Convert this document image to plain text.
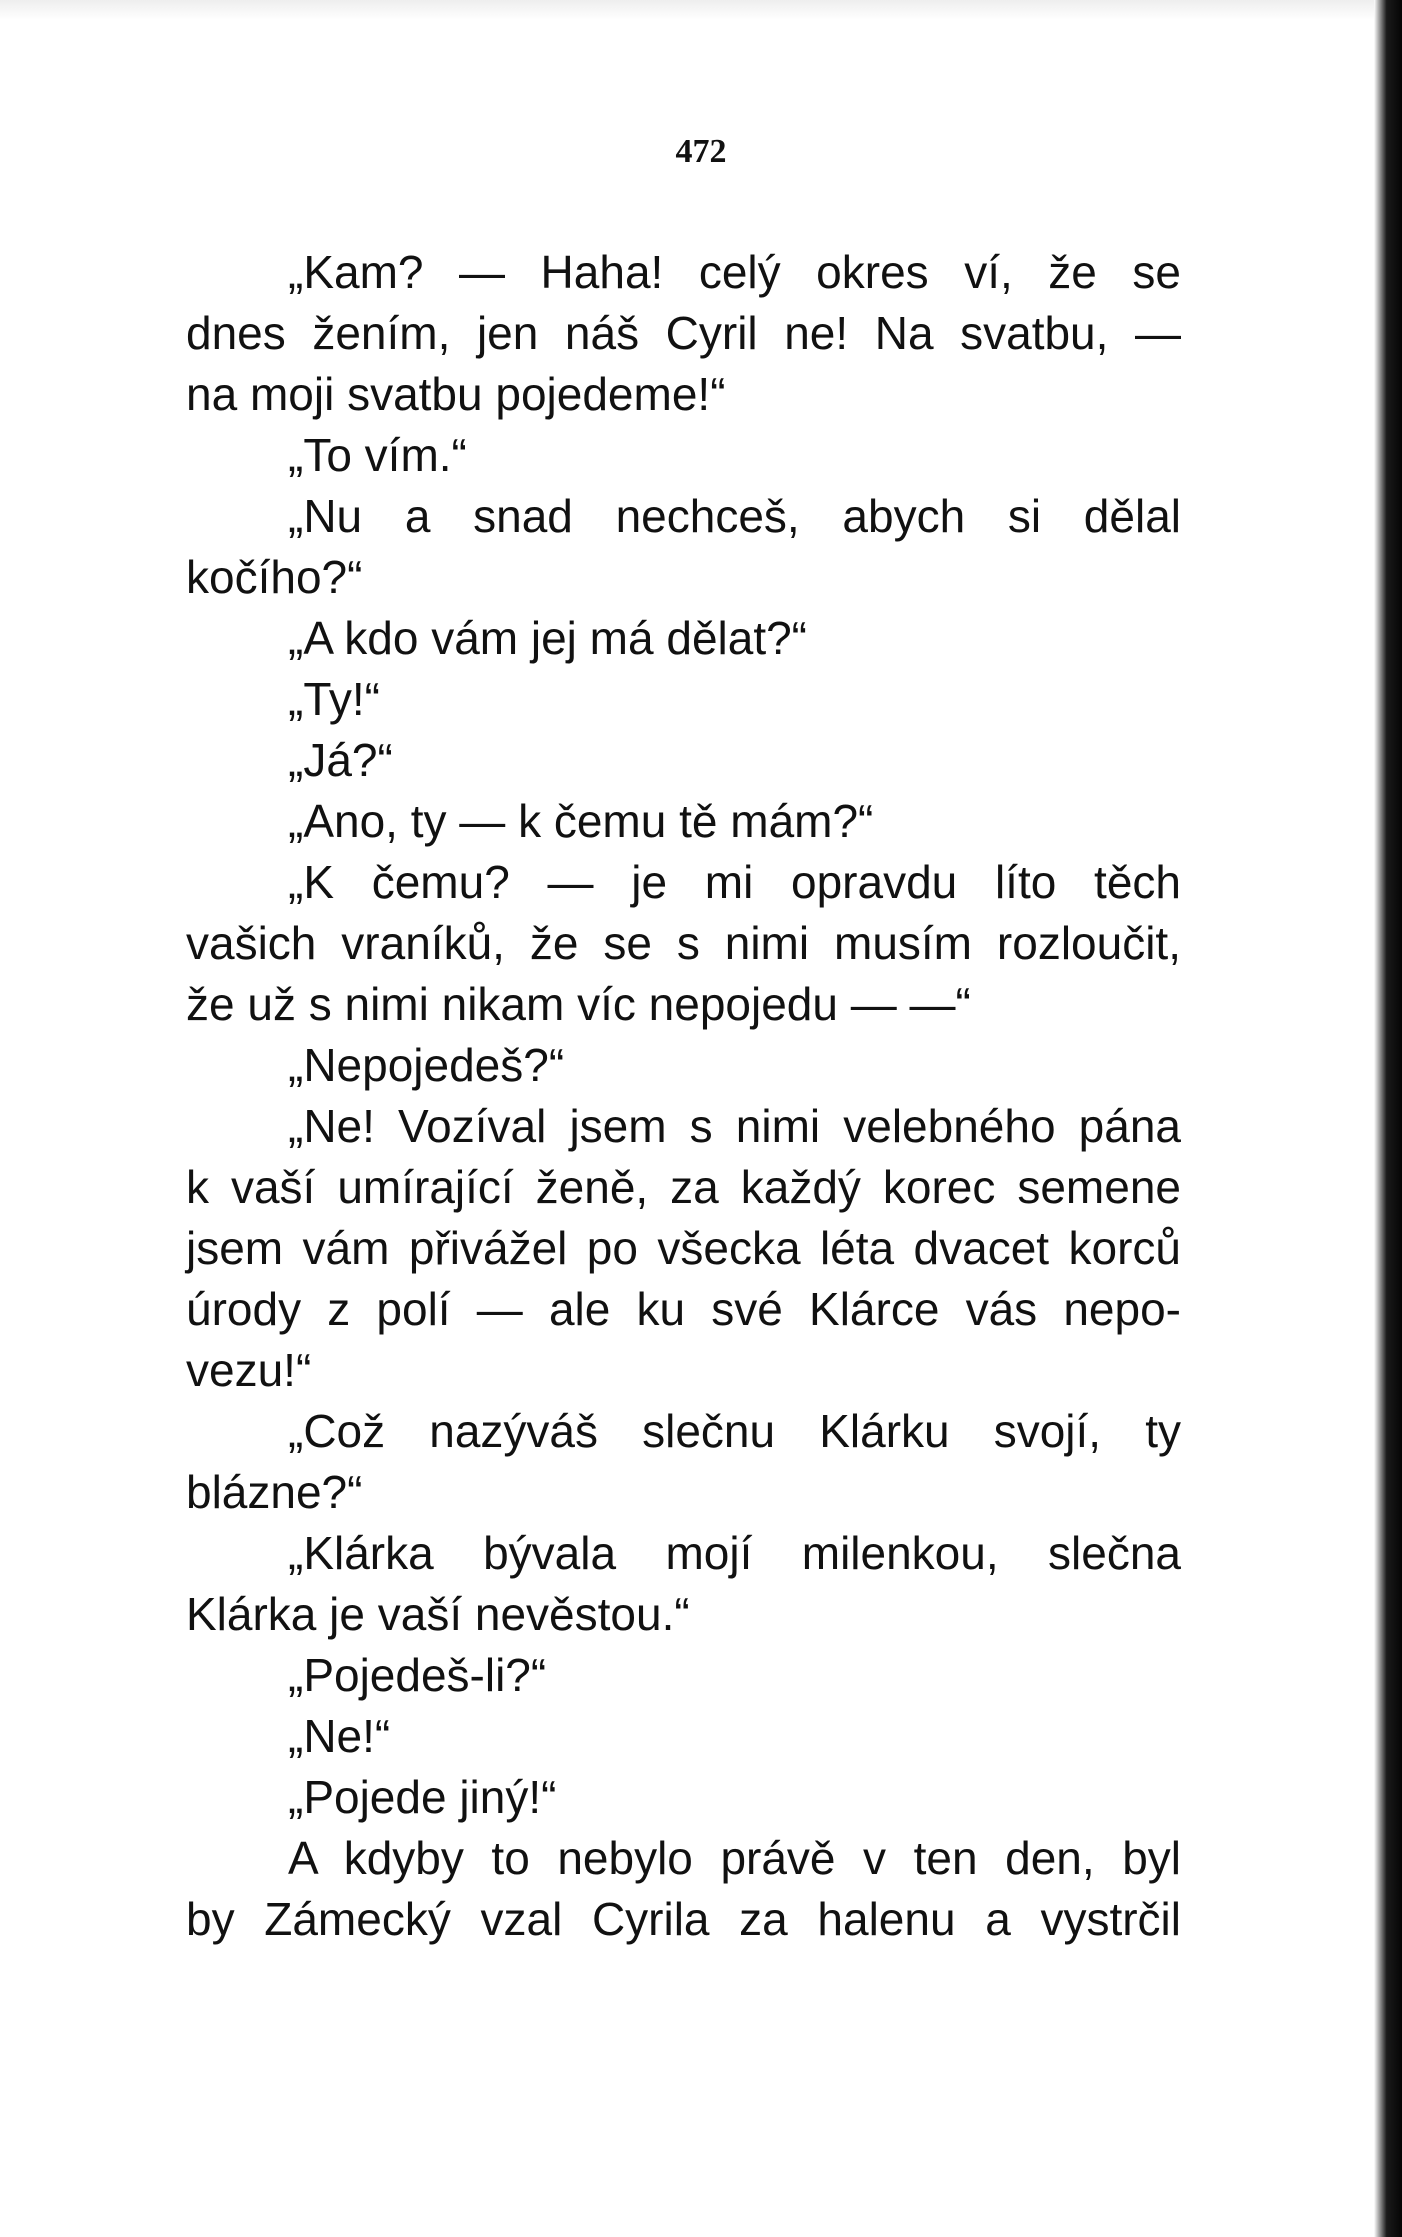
472
„Kam? — Haha! celý okres ví, že se
dnes žením, jen náš Cyril ne! Na svatbu, —
na moji svatbu pojedeme!“
„To vím.“
„Nu a snad nechceš, abych si dělal
kočího?“
„A kdo vám jej má dělat?“
„Ty!“
„Já?“
„Ano, ty — k čemu tě mám?“
„K čemu? — je mi opravdu líto těch
vašich vraníků, že se s nimi musím rozloučit,
že už s nimi nikam víc nepojedu — —“
„Nepojedeš?“
„Ne! Vozíval jsem s nimi velebného pána
k vaší umírající ženě, za každý korec semene
jsem vám přivážel po všecka léta dvacet korců
úrody z polí — ale ku své Klárce vás nepo-
vezu!“
„Což nazýváš slečnu Klárku svojí, ty
blázne?“
„Klárka bývala mojí milenkou, slečna
Klárka je vaší nevěstou.“
„Pojedeš-li?“
„Ne!“
„Pojede jiný!“
A kdyby to nebylo právě v ten den, byl
by Zámecký vzal Cyrila za halenu a vystrčil
